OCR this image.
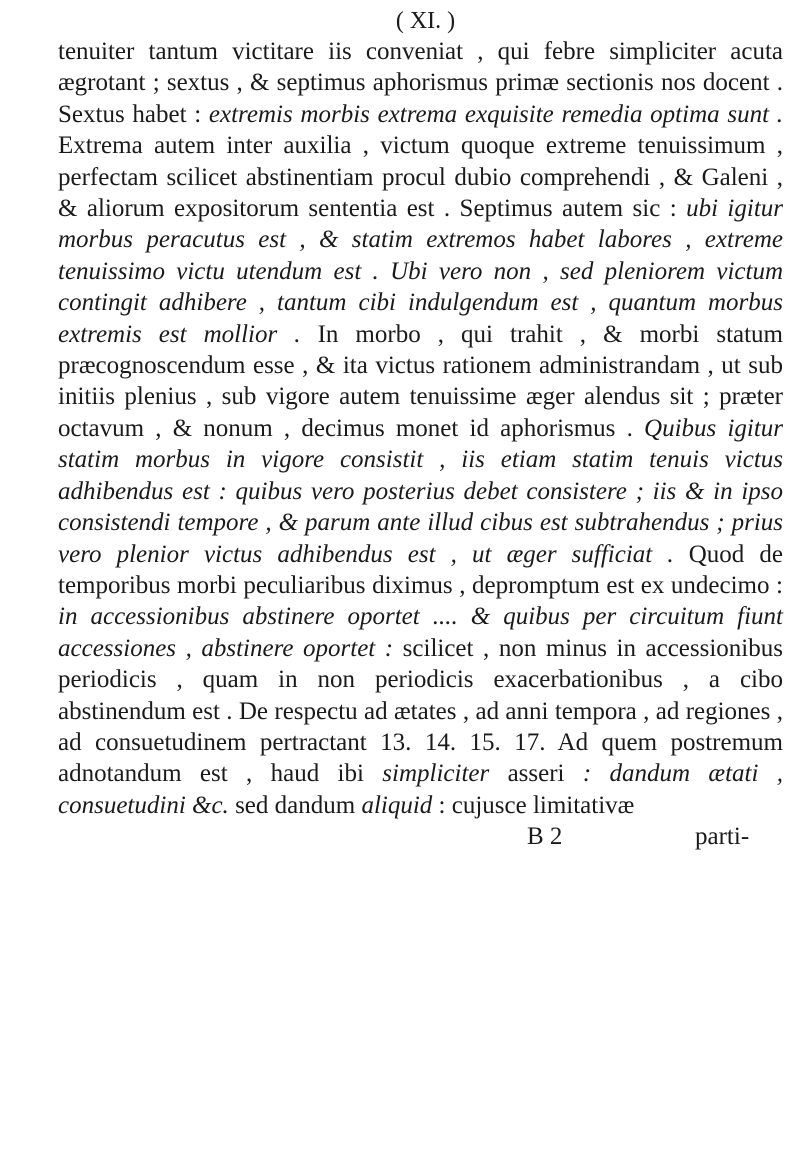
( XI. )

tenuiter tantum victitare iis conveniat , qui febre simpliciter acuta ægrotant ; sextus , & septimus aphorismus primæ sectionis nos docent . Sextus habet : extremis morbis extrema exquisite remedia optima sunt . Extrema autem inter auxilia , victum quoque extreme tenuissimum , perfectam scilicet abstinentiam procul dubio comprehendi , & Galeni , & aliorum expositorum sententia est . Septimus autem sic : ubi igitur morbus peracutus est , & statim extremos habet labores , extreme tenuissimo victu utendum est . Ubi vero non , sed pleniorem victum contingit adhibere , tantum cibi indulgendum est , quantum morbus extremis est mollior . In morbo , qui trahit , & morbi statum præcognoscendum esse , & ita victus rationem administrandam , ut sub initiis plenius , sub vigore autem tenuissime æger alendus sit ; præter octavum , & nonum , decimus monet id aphorismus . Quibus igitur statim morbus in vigore consistit , iis etiam statim tenuis victus adhibendus est : quibus vero posterius debet consistere ; iis & in ipso consistendi tempore , & parum ante illud cibus est subtrahendus ; prius vero plenior victus adhibendus est , ut æger sufficiat . Quod de temporibus morbi peculiaribus diximus , depromptum est ex undecimo : in accessionibus abstinere oportet .... & quibus per circuitum fiunt accessiones , abstinere oportet : scilicet , non minus in accessionibus periodicis , quam in non periodicis exacerbationibus , a cibo abstinendum est . De respectu ad ætates , ad anni tempora , ad regiones , ad consuetudinem pertractant 13. 14. 15. 17. Ad quem postremum adnotandum est , haud ibi simpliciter asseri : dandum ætati , consuetudini &c. sed dandum aliquid : cujusce limitativæ

B 2	parti-
